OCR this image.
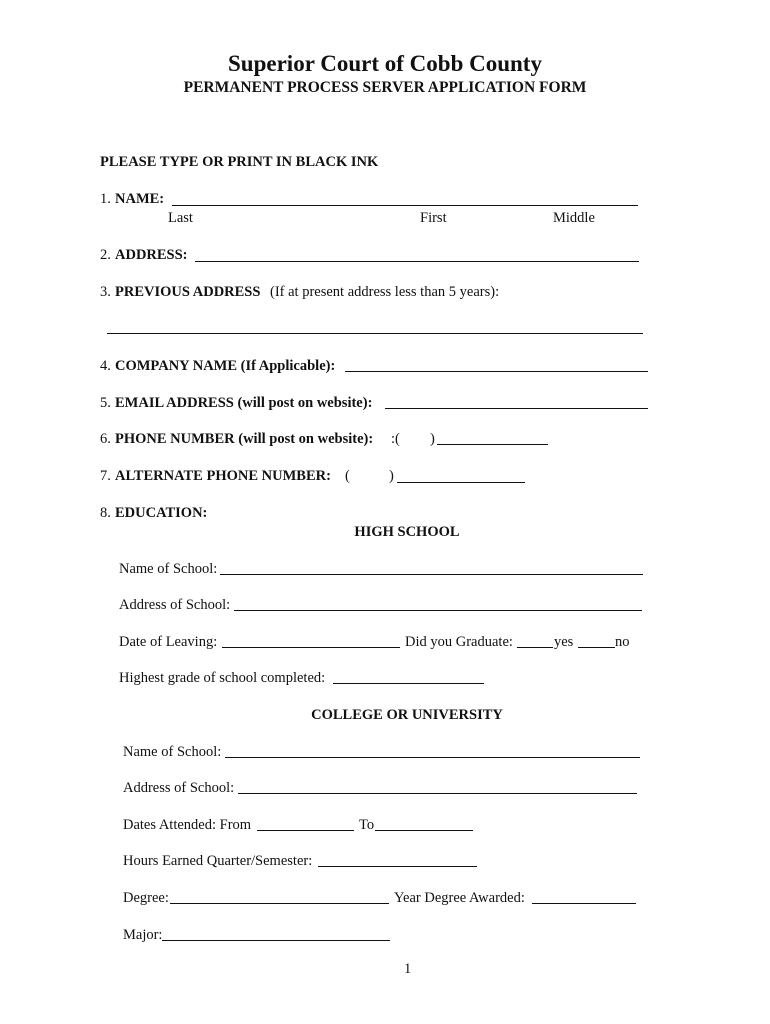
Superior Court of Cobb County
PERMANENT PROCESS SERVER APPLICATION FORM
PLEASE TYPE OR PRINT IN BLACK INK
1. NAME:
Last	First	Middle
2. ADDRESS:
3. PREVIOUS ADDRESS (If at present address less than 5 years):
4. COMPANY NAME (If Applicable):
5. EMAIL ADDRESS (will post on website):
6. PHONE NUMBER (will post on website): :( )
7. ALTERNATE PHONE NUMBER: (	)
8. EDUCATION:
HIGH SCHOOL
Name of School:
Address of School:
Date of Leaving:	Did you Graduate:	yes	no
Highest grade of school completed:
COLLEGE OR UNIVERSITY
Name of School:
Address of School:
Dates Attended: From	To
Hours Earned Quarter/Semester:
Degree:	Year Degree Awarded:
Major:
1
